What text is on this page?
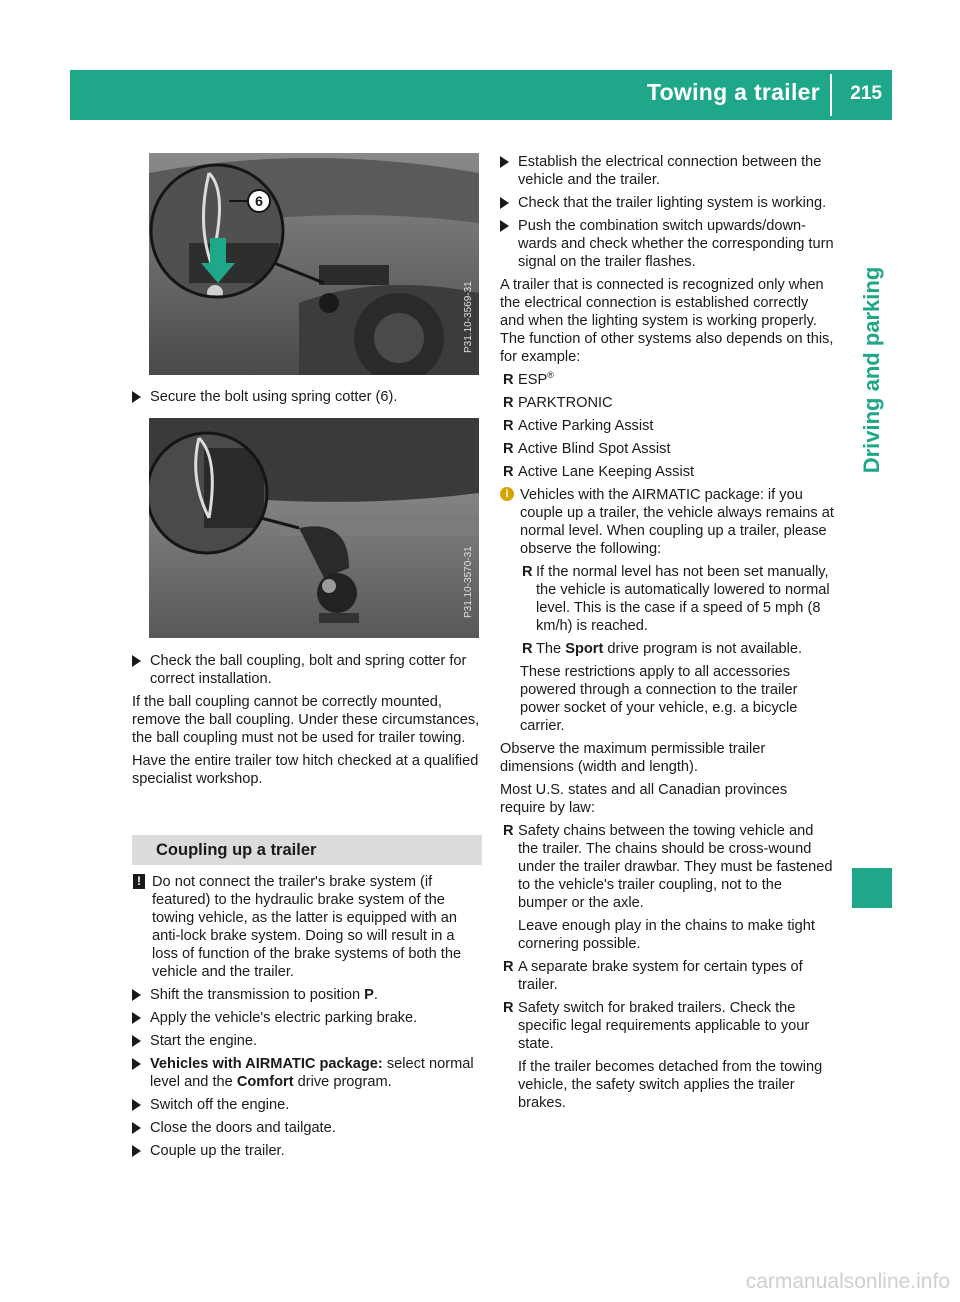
Towing a trailer 215
Driving and parking
6
P31.10-3569-31
Secure the bolt using spring cotter (6).
P31.10-3570-31
Check the ball coupling, bolt and spring cotter for correct installation.

If the ball coupling cannot be correctly mounted, remove the ball coupling. Under these circumstances, the ball coupling must not be used for trailer towing.

Have the entire trailer tow hitch checked at a qualified specialist workshop.

Coupling up a trailer
! Do not connect the trailer's brake system (if featured) to the hydraulic brake system of the towing vehicle, as the latter is equipped with an anti-lock brake system. Doing so will result in a loss of function of the brake systems of both the vehicle and the trailer.
Shift the transmission to position P.
Apply the vehicle's electric parking brake.
Start the engine.
Vehicles with AIRMATIC package: select normal level and the Comfort drive program.
Switch off the engine.
Close the doors and tailgate.
Couple up the trailer.
Establish the electrical connection between the vehicle and the trailer.
Check that the trailer lighting system is working.
Push the combination switch upwards/downwards and check whether the corresponding turn signal on the trailer flashes.

A trailer that is connected is recognized only when the electrical connection is established correctly and when the lighting system is working properly. The function of other systems also depends on this, for example:

R ESP®
R PARKTRONIC
R Active Parking Assist
R Active Blind Spot Assist
R Active Lane Keeping Assist
i Vehicles with the AIRMATIC package: if you couple up a trailer, the vehicle always remains at normal level. When coupling up a trailer, please observe the following:
R If the normal level has not been set manually, the vehicle is automatically lowered to normal level. This is the case if a speed of 5 mph (8 km/h) is reached.
R The Sport drive program is not available.

These restrictions apply to all accessories powered through a connection to the trailer power socket of your vehicle, e.g. a bicycle carrier.

Observe the maximum permissible trailer dimensions (width and length).

Most U.S. states and all Canadian provinces require by law:

R Safety chains between the towing vehicle and the trailer. The chains should be cross-wound under the trailer drawbar. They must be fastened to the vehicle's trailer coupling, not to the bumper or the axle.

Leave enough play in the chains to make tight cornering possible.

R A separate brake system for certain types of trailer.
R Safety switch for braked trailers. Check the specific legal requirements applicable to your state.

If the trailer becomes detached from the towing vehicle, the safety switch applies the trailer brakes.

carmanualsonline.info
